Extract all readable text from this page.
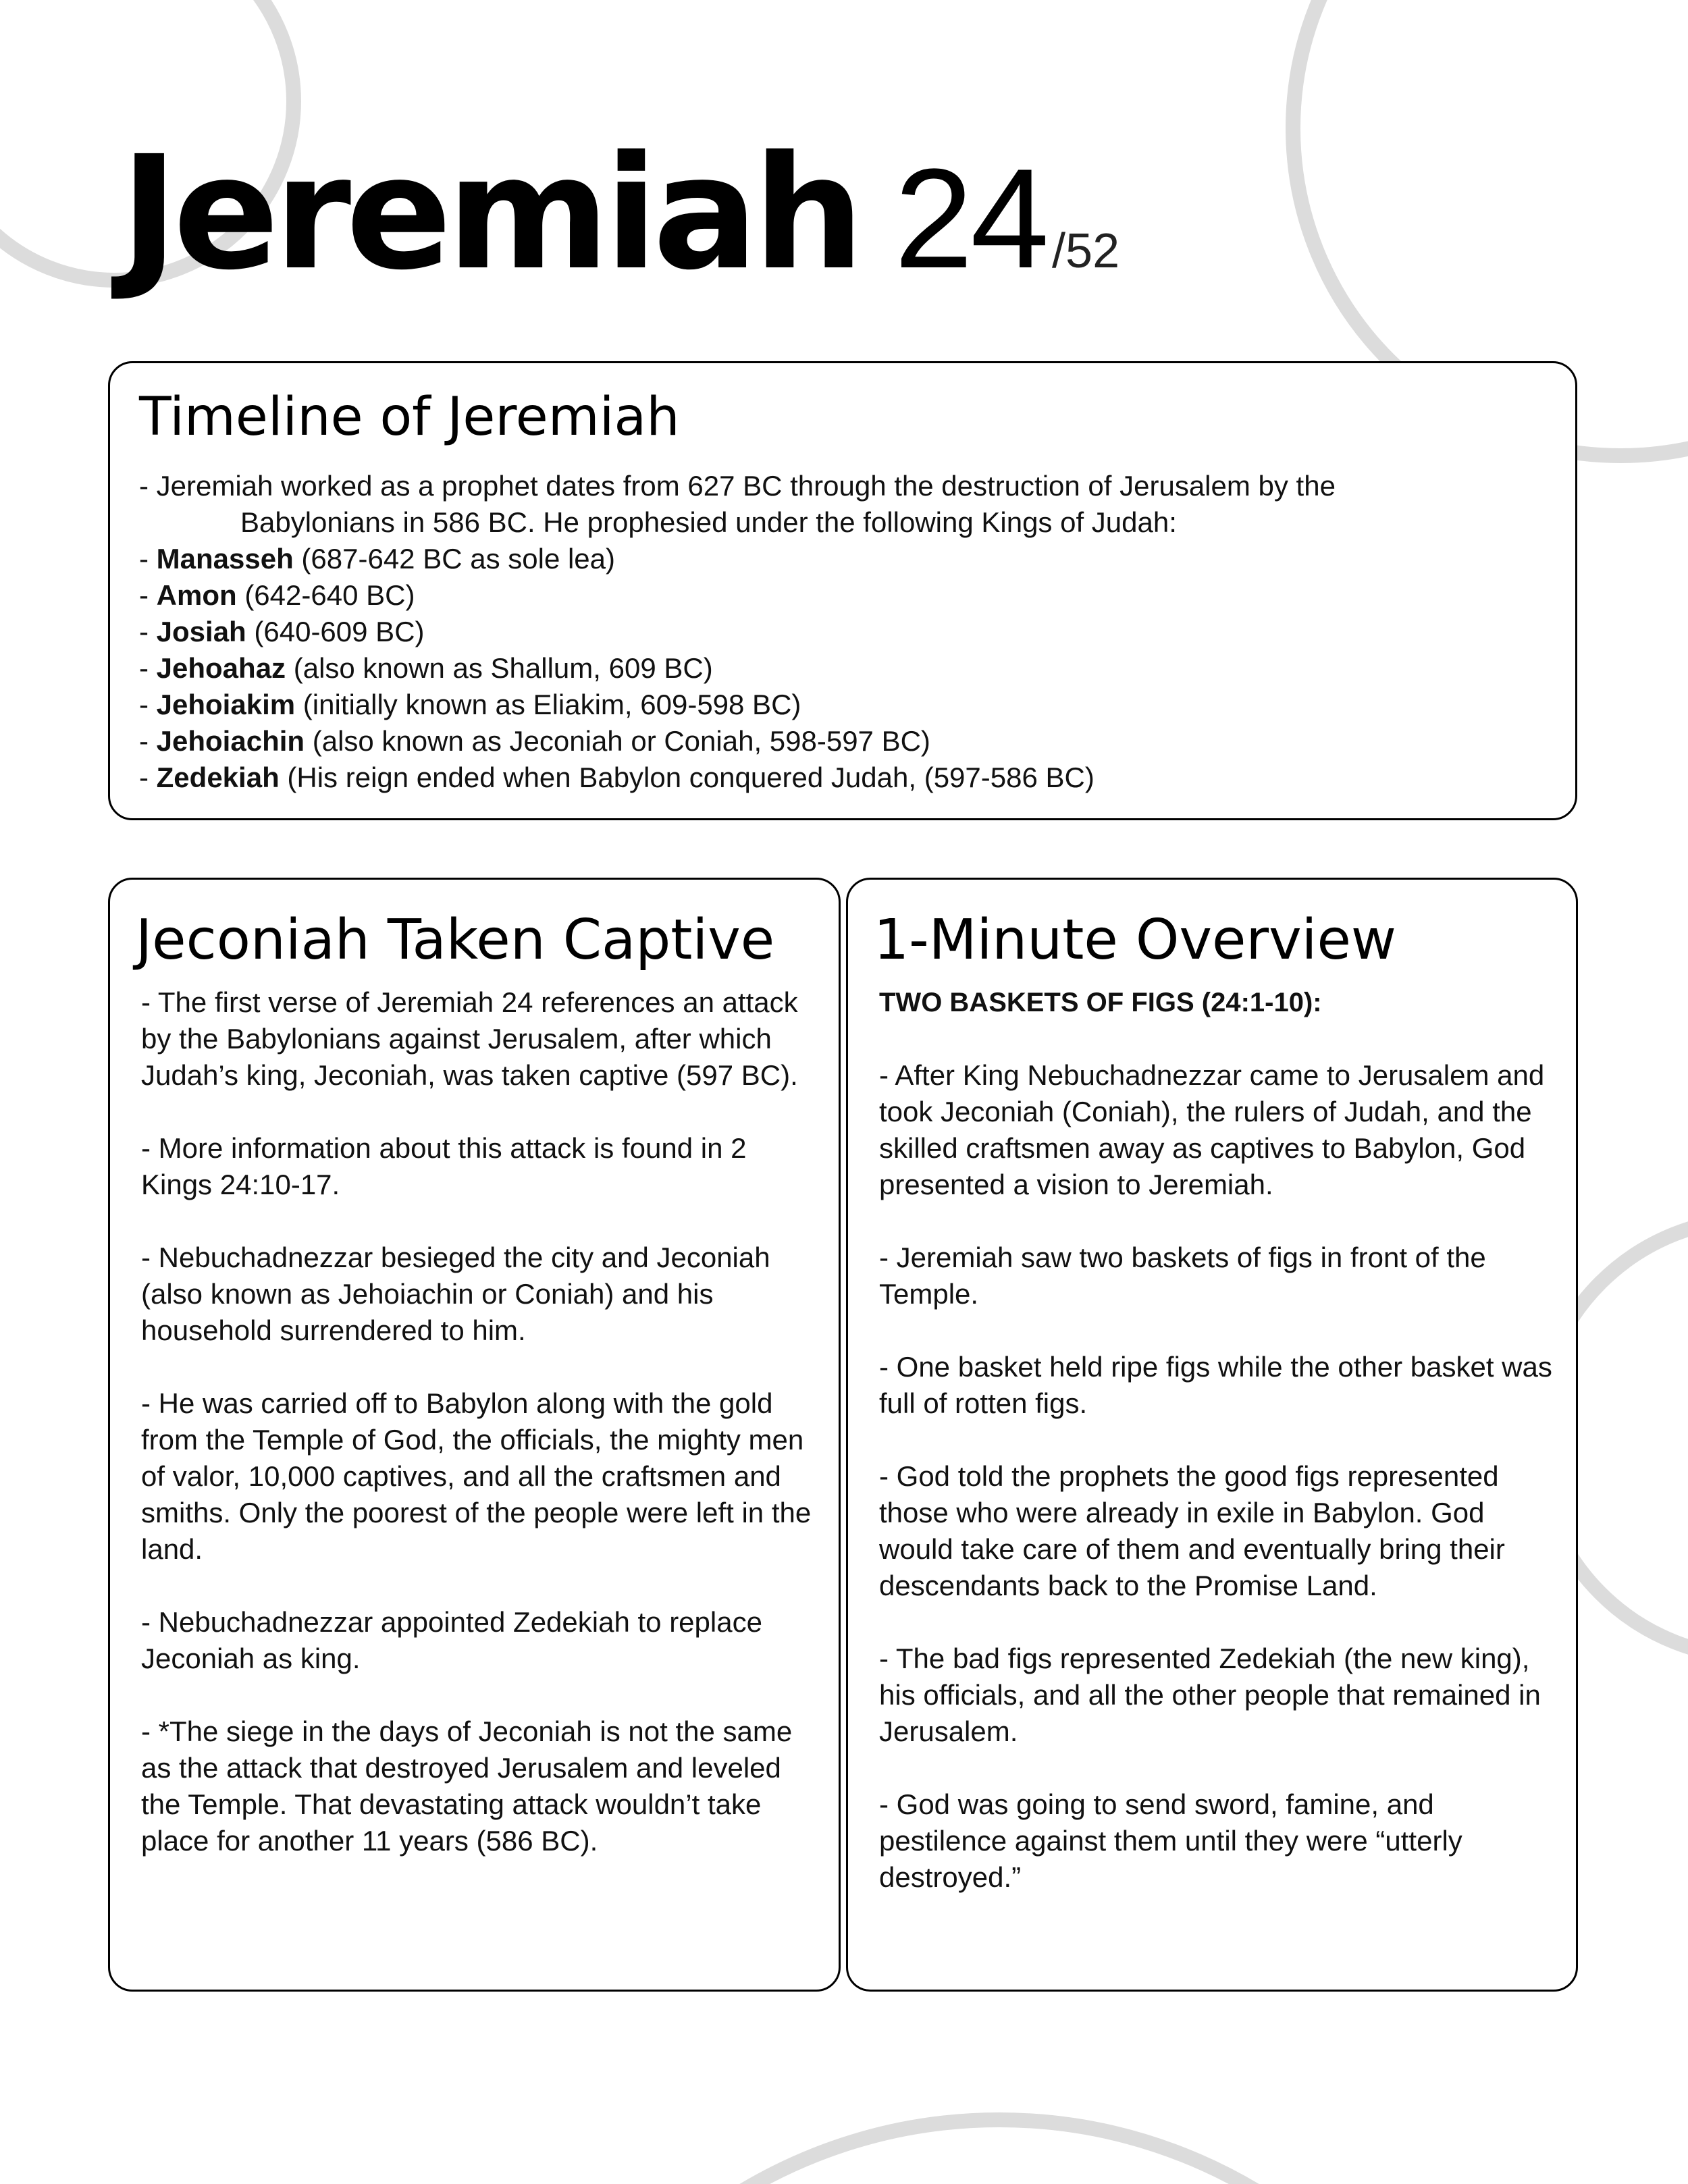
Jeremiah 24 /52
Timeline of Jeremiah
- Jeremiah worked as a prophet dates from 627 BC through the destruction of Jerusalem by the
Babylonians in 586 BC. He prophesied under the following Kings of Judah:
- Manasseh (687-642 BC as sole lea)
- Amon (642-640 BC)
- Josiah (640-609 BC)
- Jehoahaz (also known as Shallum, 609 BC)
- Jehoiakim (initially known as Eliakim, 609-598 BC)
- Jehoiachin (also known as Jeconiah or Coniah, 598-597 BC)
- Zedekiah (His reign ended when Babylon conquered Judah, (597-586 BC)
Jeconiah Taken Captive

- The first verse of Jeremiah 24 references an attack by the Babylonians against Jerusalem, after which Judah’s king, Jeconiah, was taken captive (597 BC).

- More information about this attack is found in 2 Kings 24:10-17.

- Nebuchadnezzar besieged the city and Jeconiah (also known as Jehoiachin or Coniah) and his household surrendered to him.

- He was carried off to Babylon along with the gold from the Temple of God, the officials, the mighty men of valor, 10,000 captives, and all the craftsmen and smiths. Only the poorest of the people were left in the land.

- Nebuchadnezzar appointed Zedekiah to replace Jeconiah as king.

- *The siege in the days of Jeconiah is not the same as the attack that destroyed Jerusalem and leveled the Temple. That devastating attack wouldn’t take place for another 11 years (586 BC).

1-Minute Overview

TWO BASKETS OF FIGS (24:1-10):

- After King Nebuchadnezzar came to Jerusalem and took Jeconiah (Coniah), the rulers of Judah, and the skilled craftsmen away as captives to Babylon, God presented a vision to Jeremiah.

- Jeremiah saw two baskets of figs in front of the Temple.

- One basket held ripe figs while the other basket was full of rotten figs.

- God told the prophets the good figs represented those who were already in exile in Babylon. God would take care of them and eventually bring their descendants back to the Promise Land.

- The bad figs represented Zedekiah (the new king), his officials, and all the other people that remained in Jerusalem.

- God was going to send sword, famine, and pestilence against them until they were “utterly destroyed.”
